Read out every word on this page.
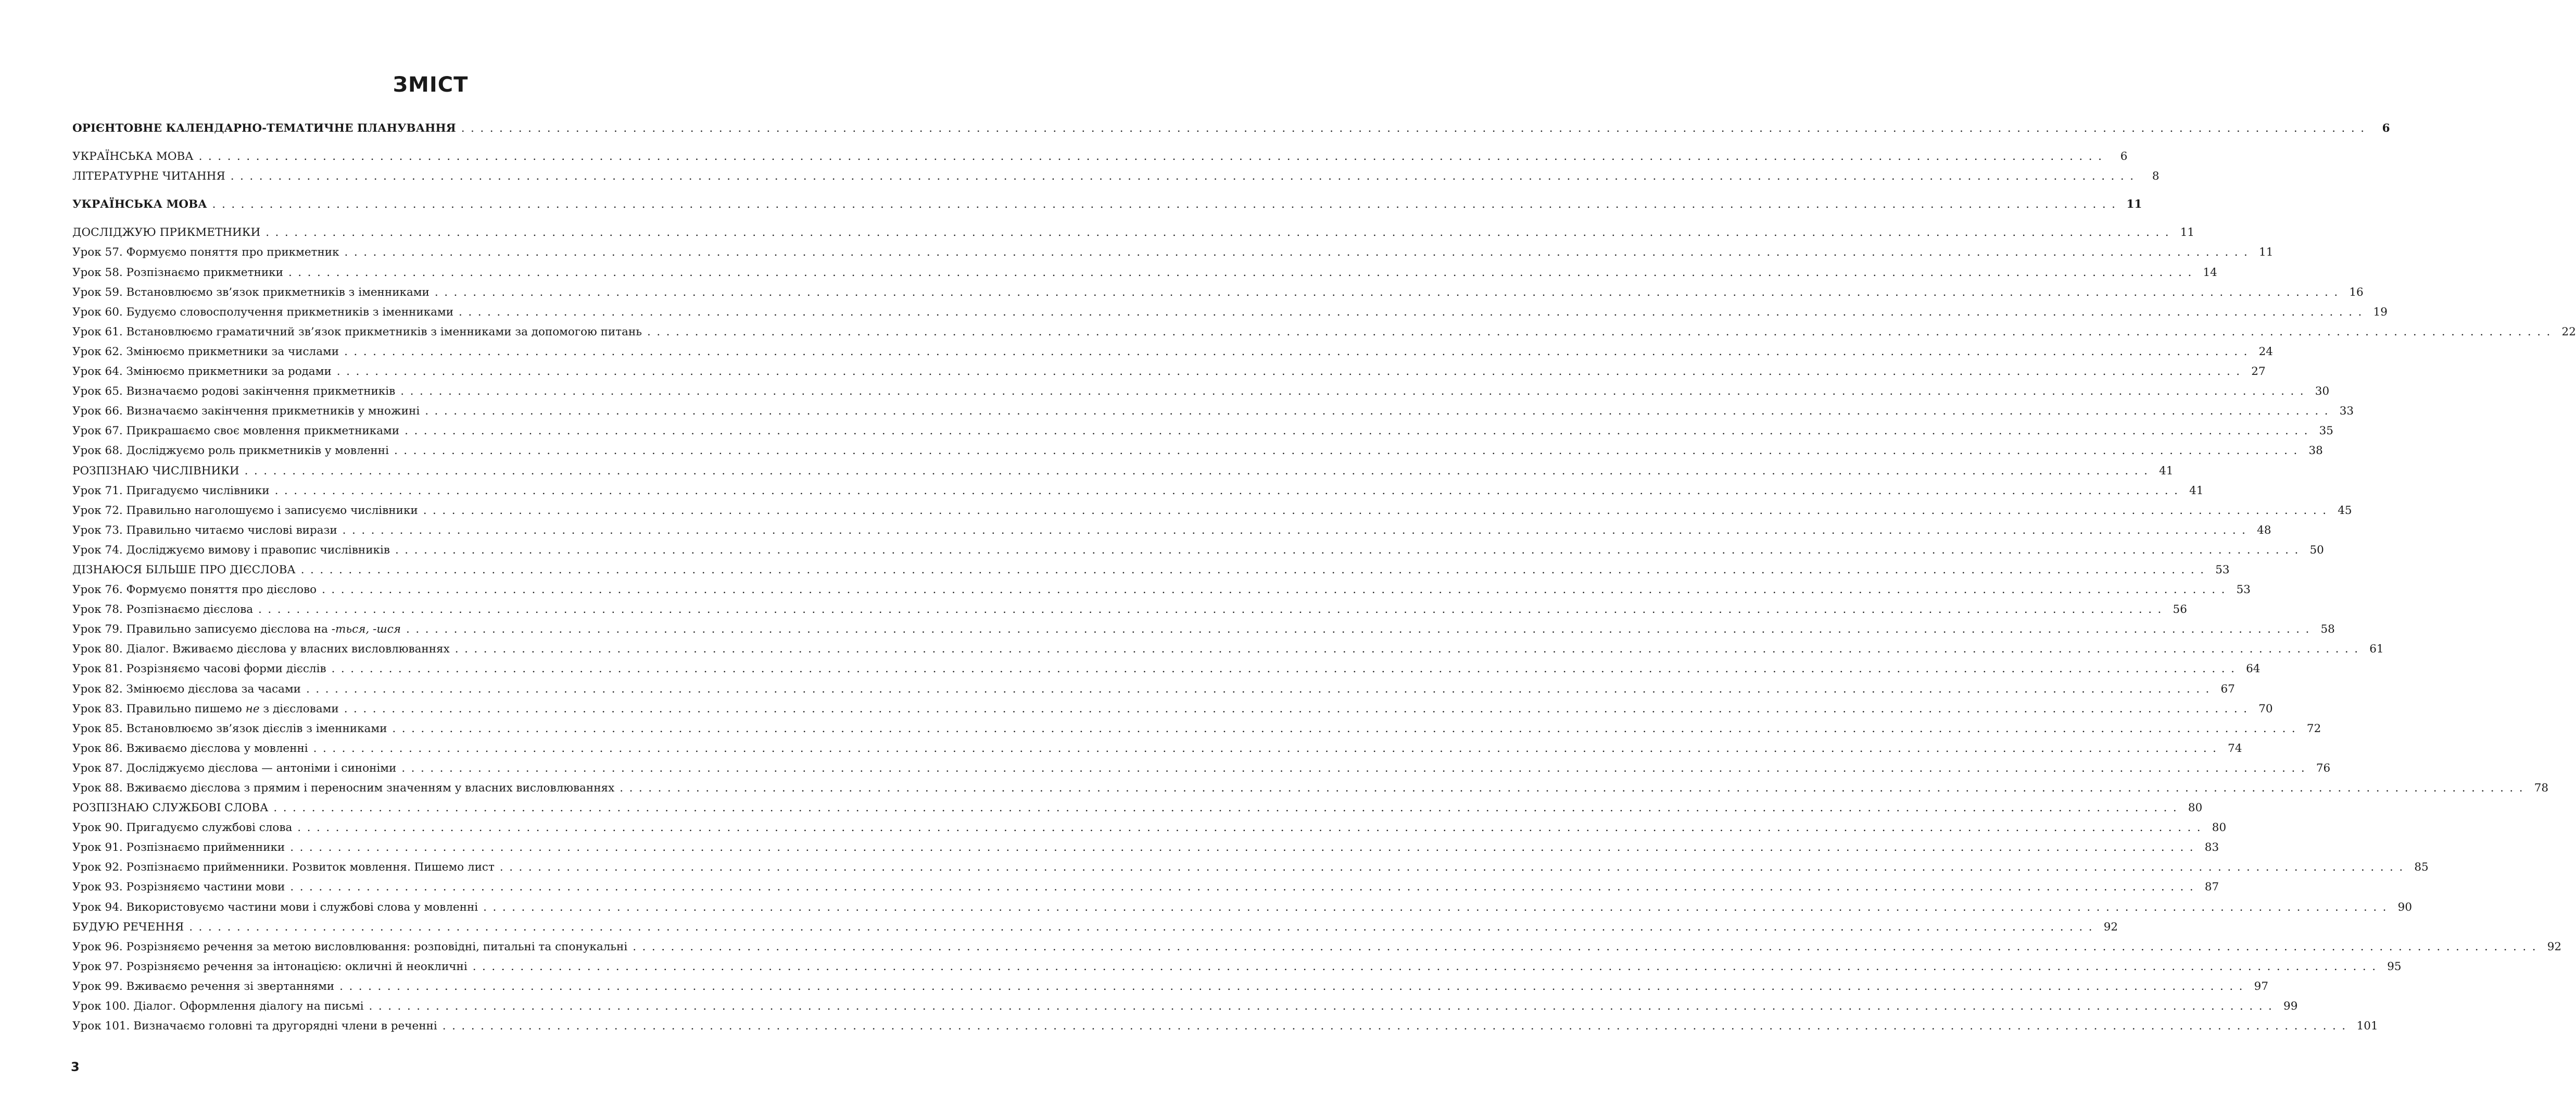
ЗМІСТ
ОРІЄНТОВНЕ КАЛЕНДАРНО-ТЕМАТИЧНЕ ПЛАНУВАННЯ ........................................................................................................................................................................................................	6
УКРАЇНСЬКА МОВА ........................................................................................................................................................................................................	6
ЛІТЕРАТУРНЕ ЧИТАННЯ ........................................................................................................................................................................................................	8
УКРАЇНСЬКА МОВА ........................................................................................................................................................................................................ 11
ДОСЛІДЖУЮ ПРИКМЕТНИКИ ........................................................................................................................................................................................................ 11
Урок 57. Формуємо поняття про прикметник ........................................................................................................................................................................................................ 11
Урок 58. Розпізнаємо прикметники ........................................................................................................................................................................................................ 14
Урок 59. Встановлюємо зв’язок прикметників з іменниками ........................................................................................................................................................................................................ 16
Урок 60. Будуємо словосполучення прикметників з іменниками ........................................................................................................................................................................................................ 19
Урок 61. Встановлюємо граматичний зв’язок прикметників з іменниками за допомогою питань ........................................................................................................................................................................................................ 22
Урок 62. Змінюємо прикметники за числами ........................................................................................................................................................................................................ 24
Урок 64. Змінюємо прикметники за родами ........................................................................................................................................................................................................ 27
Урок 65. Визначаємо родові закінчення прикметників ........................................................................................................................................................................................................ 30
Урок 66. Визначаємо закінчення прикметників у множині ........................................................................................................................................................................................................ 33
Урок 67. Прикрашаємо своє мовлення прикметниками ........................................................................................................................................................................................................ 35
Урок 68. Досліджуємо роль прикметників у мовленні ........................................................................................................................................................................................................ 38
РОЗПІЗНАЮ ЧИСЛІВНИКИ ........................................................................................................................................................................................................ 41
Урок 71. Пригадуємо числівники ........................................................................................................................................................................................................ 41
Урок 72. Правильно наголошуємо і записуємо числівники ........................................................................................................................................................................................................ 45
Урок 73. Правильно читаємо числові вирази ........................................................................................................................................................................................................ 48
Урок 74. Досліджуємо вимову і правопис числівників ........................................................................................................................................................................................................ 50
ДІЗНАЮСЯ БІЛЬШЕ ПРО ДІЄСЛОВА ........................................................................................................................................................................................................ 53
Урок 76. Формуємо поняття про дієслово ........................................................................................................................................................................................................ 53
Урок 78. Розпізнаємо дієслова ........................................................................................................................................................................................................ 56
Урок 79. Правильно записуємо дієслова на -ться, -шся ........................................................................................................................................................................................................ 58
Урок 80. Діалог. Вживаємо дієслова у власних висловлюваннях ........................................................................................................................................................................................................ 61
Урок 81. Розрізняємо часові форми дієслів ........................................................................................................................................................................................................ 64
Урок 82. Змінюємо дієслова за часами ........................................................................................................................................................................................................ 67
Урок 83. Правильно пишемо не з дієсловами ........................................................................................................................................................................................................ 70
Урок 85. Встановлюємо зв’язок дієслів з іменниками ........................................................................................................................................................................................................ 72
Урок 86. Вживаємо дієслова у мовленні ........................................................................................................................................................................................................ 74
Урок 87. Досліджуємо дієслова — антоніми і синоніми ........................................................................................................................................................................................................ 76
Урок 88. Вживаємо дієслова з прямим і переносним значенням у власних висловлюваннях ........................................................................................................................................................................................................ 78
РОЗПІЗНАЮ СЛУЖБОВІ СЛОВА ........................................................................................................................................................................................................ 80
Урок 90. Пригадуємо службові слова ........................................................................................................................................................................................................ 80
Урок 91. Розпізнаємо прийменники ........................................................................................................................................................................................................ 83
Урок 92. Розпізнаємо прийменники. Розвиток мовлення. Пишемо лист ........................................................................................................................................................................................................ 85
Урок 93. Розрізняємо частини мови ........................................................................................................................................................................................................ 87
Урок 94. Використовуємо частини мови і службові слова у мовленні ........................................................................................................................................................................................................ 90
БУДУЮ РЕЧЕННЯ ........................................................................................................................................................................................................ 92
Урок 96. Розрізняємо речення за метою висловлювання: розповідні, питальні та спонукальні ........................................................................................................................................................................................................ 92
Урок 97. Розрізняємо речення за інтонацією: окличні й неокличні ........................................................................................................................................................................................................ 95
Урок 99. Вживаємо речення зі звертаннями ........................................................................................................................................................................................................ 97
Урок 100. Діалог. Оформлення діалогу на письмі ........................................................................................................................................................................................................ 99
Урок 101. Визначаємо головні та другорядні члени в реченні ........................................................................................................................................................................................................ 101
3
